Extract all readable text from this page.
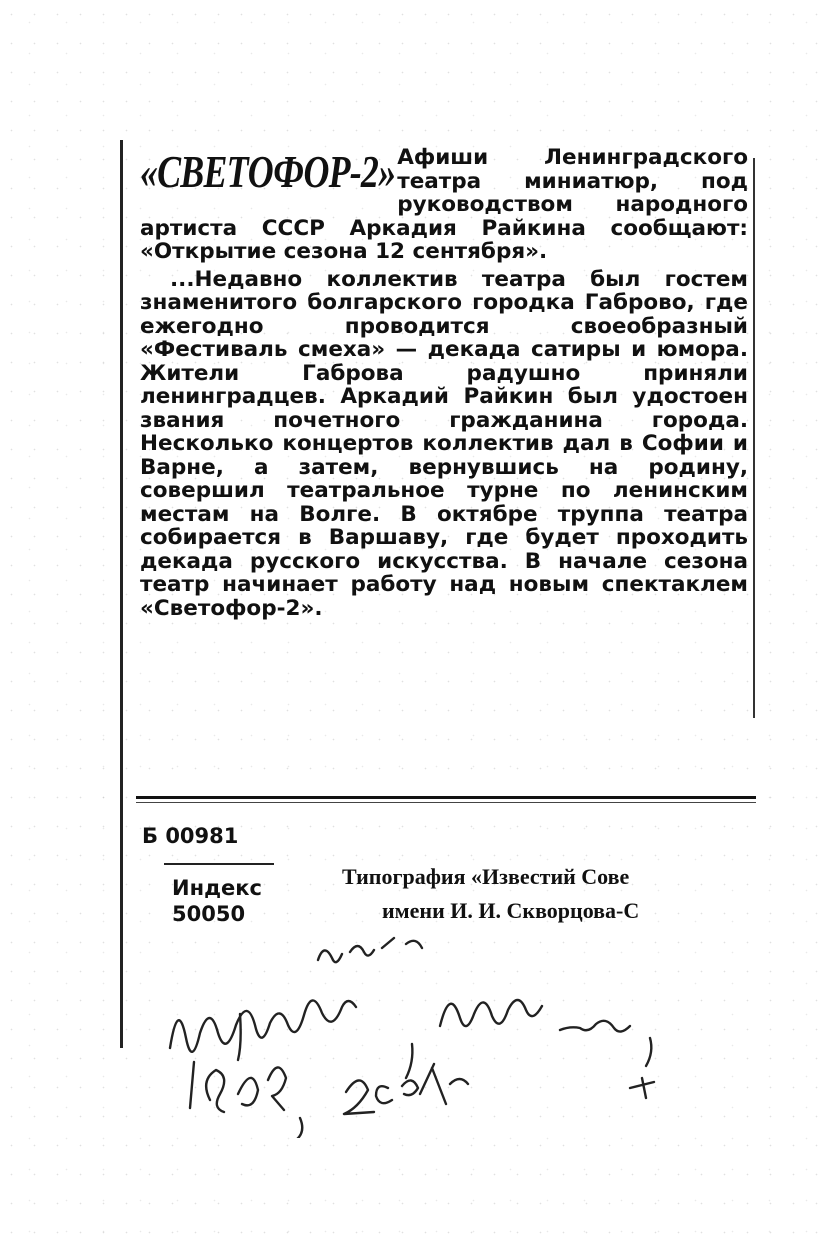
«СВЕТОФОР-2» Афиши Ленинградского театра миниатюр, под руководством народного артиста СССР Аркадия Райкина сообщают: «Открытие сезона 12 сентября».

...Недавно коллектив театра был гостем знаменитого болгарского городка Габрово, где ежегодно проводится своеобразный «Фестиваль смеха» — декада сатиры и юмора. Жители Габрова радушно приняли ленинградцев. Аркадий Райкин был удостоен звания почетного гражданина города. Несколько концертов коллектив дал в Софии и Варне, а затем, вернувшись на родину, совершил театральное турне по ленинским местам на Волге. В октябре труппа театра собирается в Варшаву, где будет проходить декада русского искусства. В начале сезона театр начинает работу над новым спектаклем «Светофор-2».

Б 00981
Индекс
50050
Типография «Известий Сове
имени И. И. Скворцова-С
